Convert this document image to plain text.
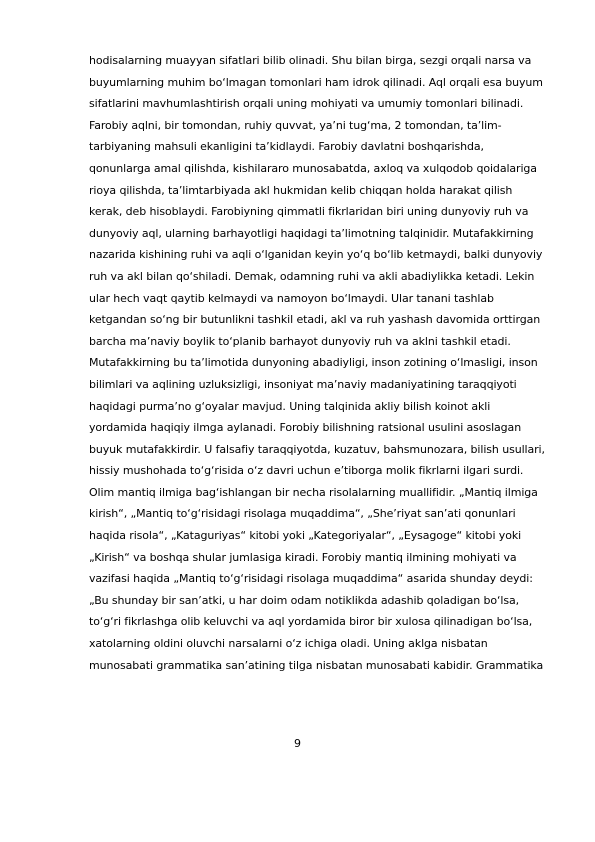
hodisalarning muayyan sifatlari bilib olinadi. Shu bilan birga, sezgi orqali narsa va
buyumlarning muhim bo‘lmagan tomonlari ham idrok qilinadi. Aql orqali esa buyum
sifatlarini mavhumlashtirish orqali uning mohiyati va umumiy tomonlari bilinadi.
Farobiy aqlni, bir tomondan, ruhiy quvvat, ya’ni tug‘ma, 2 tomondan, ta’lim-
tarbiyaning mahsuli ekanligini ta’kidlaydi. Farobiy davlatni boshqarishda,
qonunlarga amal qilishda, kishilararo munosabatda, axloq va xulqodob qoidalariga
rioya qilishda, ta’limtarbiyada akl hukmidan kelib chiqqan holda harakat qilish
kerak, deb hisoblaydi. Farobiyning qimmatli fikrlaridan biri uning dunyoviy ruh va
dunyoviy aql, ularning barhayotligi haqidagi ta’limotning talqinidir. Mutafakkirning
nazarida kishining ruhi va aqli o‘lganidan keyin yo‘q bo‘lib ketmaydi, balki dunyoviy
ruh va akl bilan qo‘shiladi. Demak, odamning ruhi va akli abadiylikka ketadi. Lekin
ular hech vaqt qaytib kelmaydi va namoyon bo‘lmaydi. Ular tanani tashlab
ketgandan so‘ng bir butunlikni tashkil etadi, akl va ruh yashash davomida orttirgan
barcha ma’naviy boylik to‘planib barhayot dunyoviy ruh va aklni tashkil etadi.
Mutafakkirning bu ta’limotida dunyoning abadiyligi, inson zotining o‘lmasligi, inson
bilimlari va aqlining uzluksizligi, insoniyat ma’naviy madaniyatining taraqqiyoti
haqidagi purma’no g‘oyalar mavjud. Uning talqinida akliy bilish koinot akli
yordamida haqiqiy ilmga aylanadi. Forobiy bilishning ratsional usulini asoslagan
buyuk mutafakkirdir. U falsafiy taraqqiyotda, kuzatuv, bahsmunozara, bilish usullari,
hissiy mushohada to‘g‘risida o‘z davri uchun e’tiborga molik fikrlarni ilgari surdi.
Olim mantiq ilmiga bag‘ishlangan bir necha risolalarning muallifidir. „Mantiq ilmiga
kirish“, „Mantiq to‘g‘risidagi risolaga muqaddima“, „She’riyat san’ati qonunlari
haqida risola“, „Kataguriyas“ kitobi yoki „Kategoriyalar“, „Eysagoge“ kitobi yoki
„Kirish“ va boshqa shular jumlasiga kiradi. Forobiy mantiq ilmining mohiyati va
vazifasi haqida „Mantiq to‘g‘risidagi risolaga muqaddima“ asarida shunday deydi:
„Bu shunday bir san’atki, u har doim odam notiklikda adashib qoladigan bo‘lsa,
to‘g‘ri fikrlashga olib keluvchi va aql yordamida biror bir xulosa qilinadigan bo‘lsa,
xatolarning oldini oluvchi narsalarni o‘z ichiga oladi. Uning aklga nisbatan
munosabati grammatika san’atining tilga nisbatan munosabati kabidir. Grammatika
9
